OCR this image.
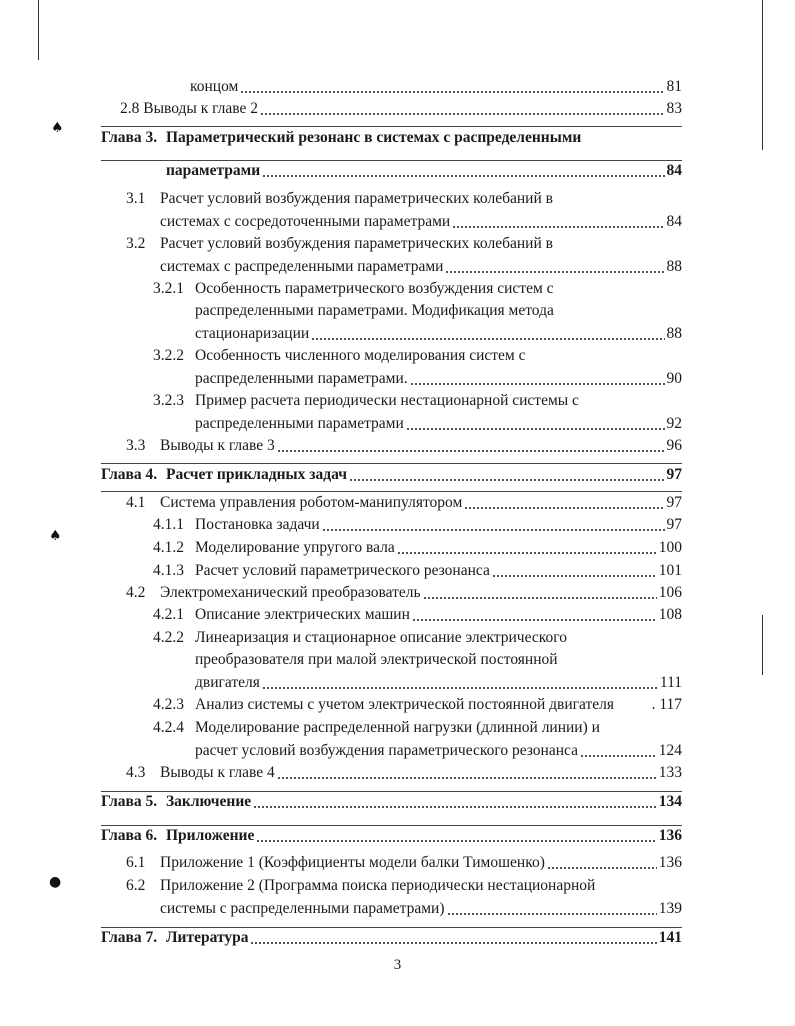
концом	81
2.8 Выводы к главе 2	83
Глава 3. Параметрический резонанс в системах с распределенными
параметрами	84
3.1 Расчет условий возбуждения параметрических колебаний в
системах с сосредоточенными параметрами	84
3.2 Расчет условий возбуждения параметрических колебаний в
системах с распределенными параметрами	88
3.2.1 Особенность параметрического возбуждения систем с
распределенными параметрами. Модификация метода
стационаризации	88
3.2.2 Особенность численного моделирования систем с
распределенными параметрами.	90
3.2.3 Пример расчета периодически нестационарной системы с
распределенными параметрами	92
3.3 Выводы к главе 3	96
Глава 4. Расчет прикладных задач	97
4.1 Система управления роботом-манипулятором	97
4.1.1 Постановка задачи	97
4.1.2 Моделирование упругого вала	100
4.1.3 Расчет условий параметрического резонанса	101
4.2 Электромеханический преобразователь	106
4.2.1 Описание электрических машин	108
4.2.2 Линеаризация и стационарное описание электрического
преобразователя при малой электрической постоянной
двигателя	111
4.2.3 Анализ системы с учетом электрической постоянной двигателя . 117
4.2.4 Моделирование распределенной нагрузки (длинной линии) и
расчет условий возбуждения параметрического резонанса	124
4.3 Выводы к главе 4	133
Глава 5. Заключение	134
Глава 6. Приложение	136
6.1 Приложение 1 (Коэффициенты модели балки Тимошенко)	136
6.2 Приложение 2 (Программа поиска периодически нестационарной
системы с распределенными параметрами)	139
Глава 7. Литература	141
3
♠
♠
●
